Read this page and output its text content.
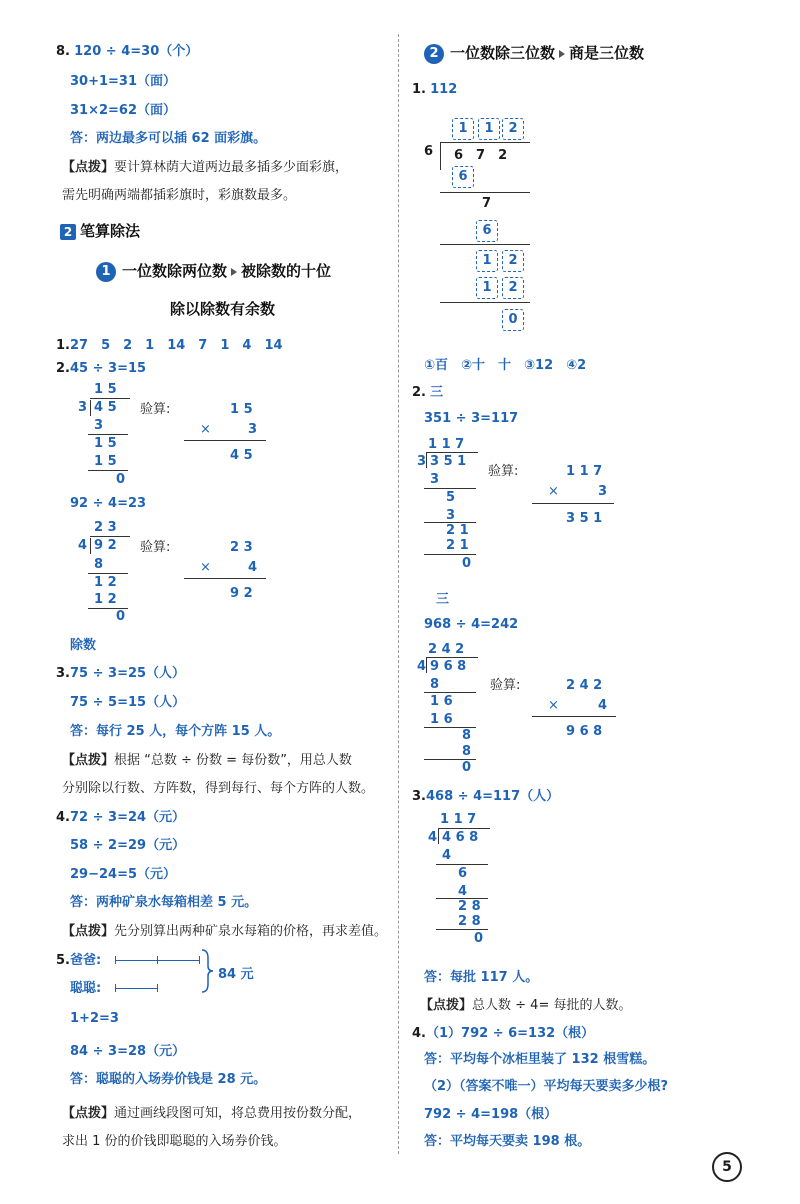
8. 120 ÷ 4=30（个）
30+1=31（面）
31×2=62（面）
答：两边最多可以插 62 面彩旗。
【点拨】要计算林荫大道两边最多插多少面彩旗，
需先明确两端都插彩旗时，彩旗数最多。
2 笔算除法
1 一位数除两位数 被除数的十位
除以除数有余数
1.27　5　2　1　14　7　1　4　14
2.45 ÷ 3=15
1 5
3 4 5
3
1 5
1 5
0
验算:	1 5
×	3
4 5
92 ÷ 4=23
2 3
4 9 2
8
1 2
1 2
0
验算:	2 3
×	4
9 2
除数
3.75 ÷ 3=25（人）
75 ÷ 5=15（人）
答：每行 25 人，每个方阵 15 人。
【点拨】根据 “总数 ÷ 份数 = 每份数”，用总人数
分别除以行数、方阵数，得到每行、每个方阵的人数。
4.72 ÷ 3=24（元）
58 ÷ 2=29（元）
29−24=5（元）
答：两种矿泉水每箱相差 5 元。
【点拨】先分别算出两种矿泉水每箱的价格，再求差值。
5.爸爸:
聪聪:
84 元
1+2=3
84 ÷ 3=28（元）
答：聪聪的入场券价钱是 28 元。
【点拨】通过画线段图可知，将总费用按份数分配，
求出 1 份的价钱即聪聪的入场券价钱。
2 一位数除三位数 商是三位数
1. 112
1	1	2
6 6　7　2
6
7
6
1	2
1	2
0
①百　②十　十　③12　④2
2. 三
351 ÷ 3=117
1 1 7
3 3 5 1
3
5
3
2 1
2 1
0
验算:	1 1 7
×	3
3 5 1
三
968 ÷ 4=242
2 4 2
4 9 6 8
8
1 6
1 6
8
8
0
验算:	2 4 2
×	4
9 6 8
3.468 ÷ 4=117（人）
1 1 7
4 4 6 8
4
6
4
2 8
2 8
0
答：每批 117 人。
【点拨】总人数 ÷ 4= 每批的人数。
4.（1）792 ÷ 6=132（根）
答：平均每个冰柜里装了 132 根雪糕。
（2）（答案不唯一）平均每天要卖多少根?
792 ÷ 4=198（根）
答：平均每天要卖 198 根。
5
